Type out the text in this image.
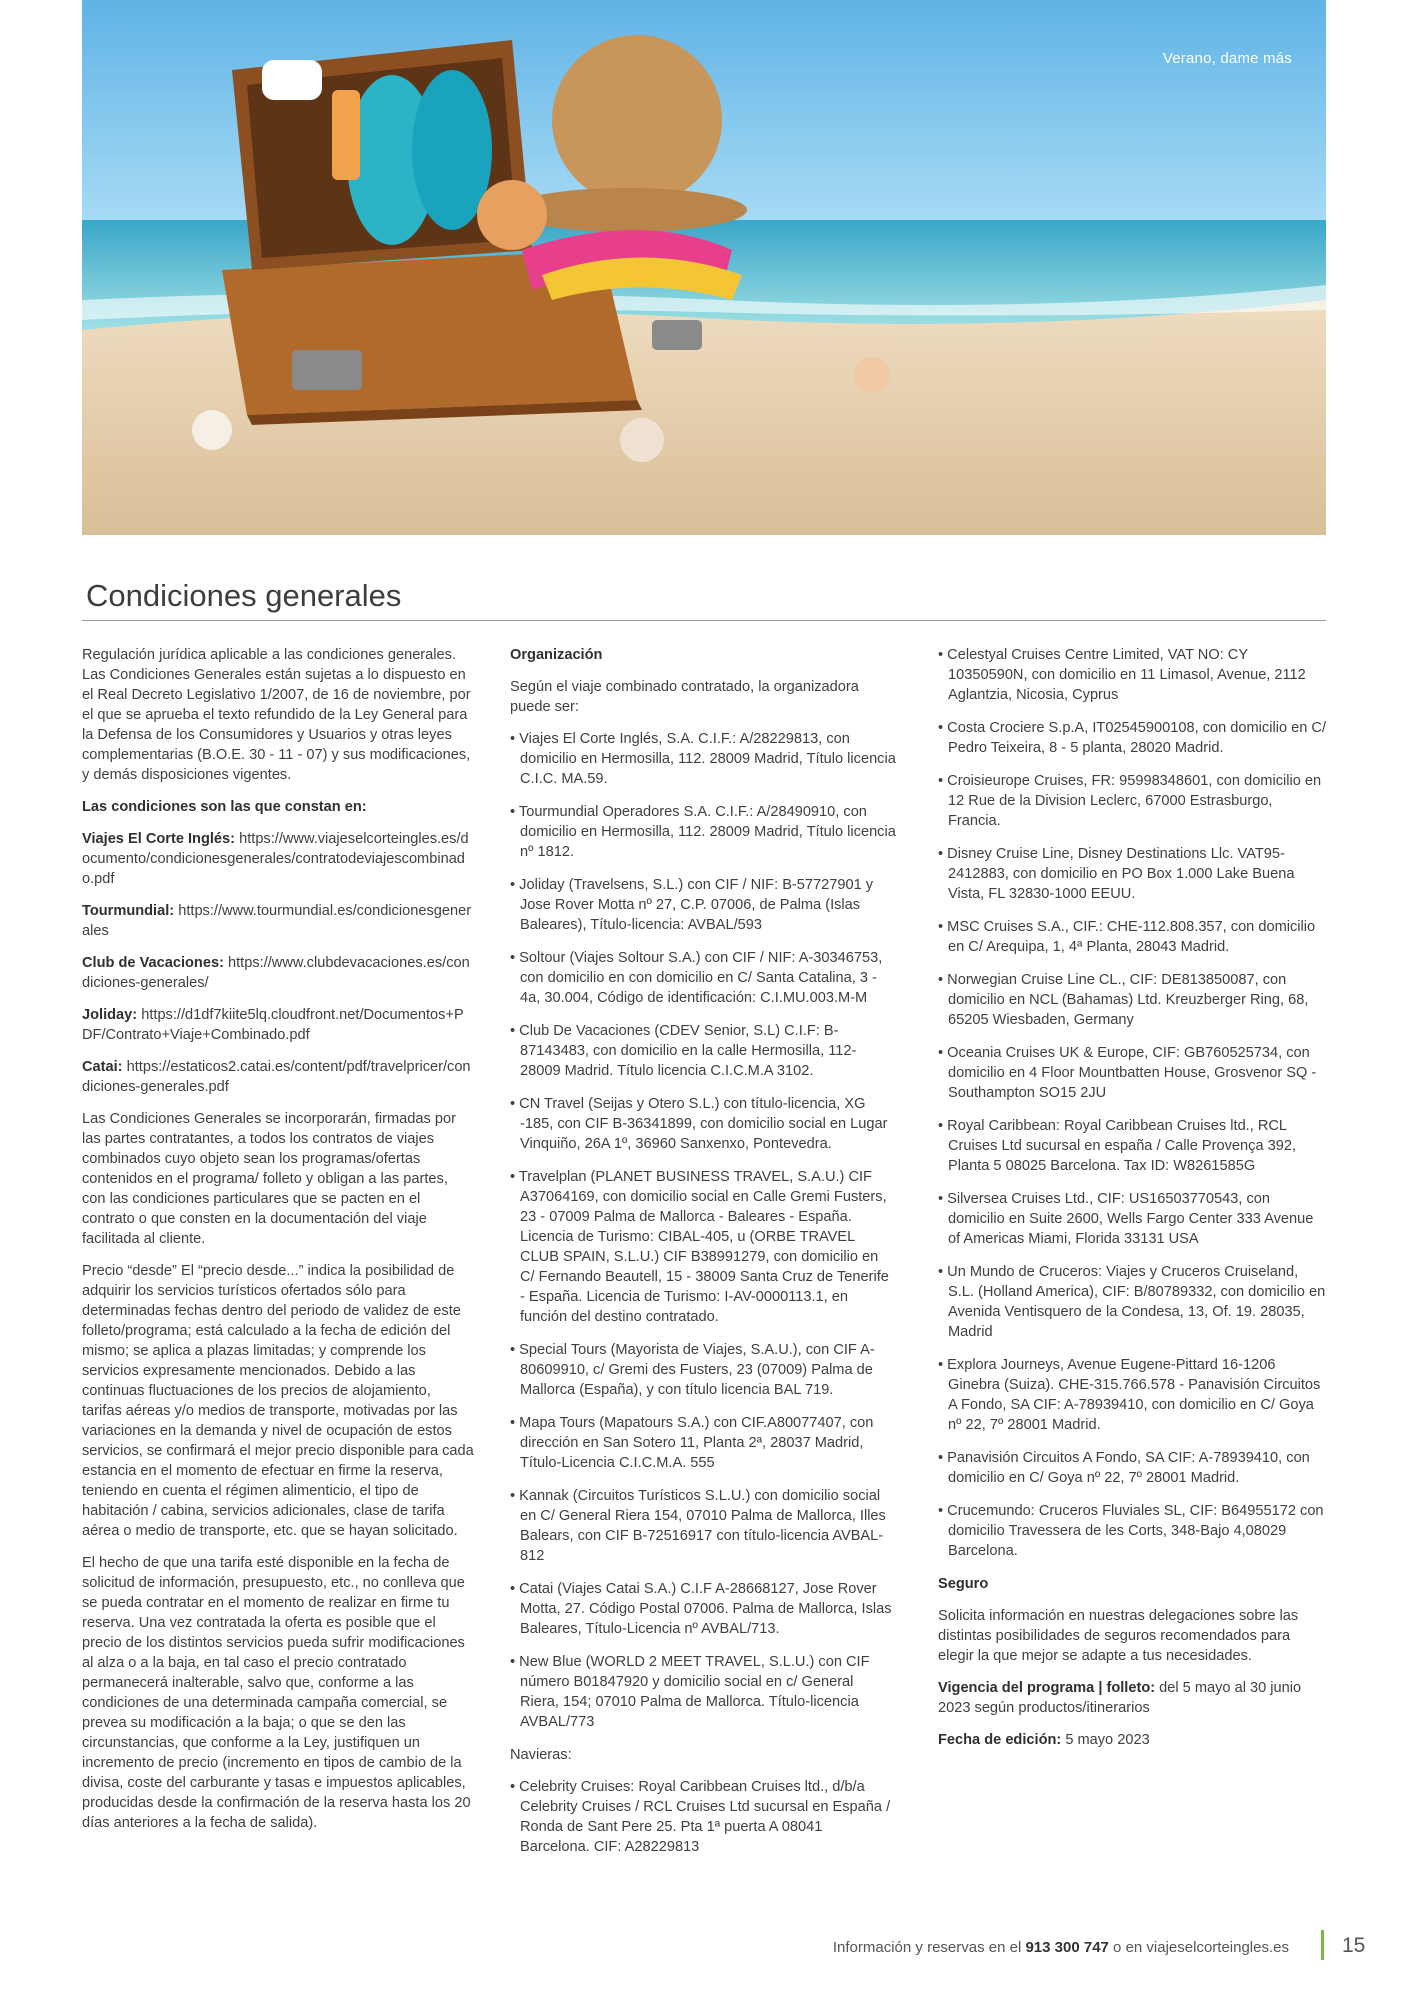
Verano, dame más
Condiciones generales

Regulación jurídica aplicable a las condiciones generales. Las Condiciones Generales están sujetas a lo dispuesto en el Real Decreto Legislativo 1/2007, de 16 de noviembre, por el que se aprueba el texto refundido de la Ley General para la Defensa de los Consumidores y Usuarios y otras leyes complementarias (B.O.E. 30 - 11 - 07) y sus modificaciones, y demás disposiciones vigentes.

Las condiciones son las que constan en:

Viajes El Corte Inglés: https://www.viajeselcorteingles.es/documento/condicionesgenerales/contratodeviajescombinado.pdf

Tourmundial: https://www.tourmundial.es/condicionesgenerales

Club de Vacaciones: https://www.clubdevacaciones.es/condiciones-generales/

Joliday: https://d1df7kiite5lq.cloudfront.net/Documentos+PDF/Contrato+Viaje+Combinado.pdf

Catai: https://estaticos2.catai.es/content/pdf/travelpricer/condiciones-generales.pdf

Las Condiciones Generales se incorporarán, firmadas por las partes contratantes, a todos los contratos de viajes combinados cuyo objeto sean los programas/ofertas contenidos en el programa/ folleto y obligan a las partes, con las condiciones particulares que se pacten en el contrato o que consten en la documentación del viaje facilitada al cliente.

Precio “desde” El “precio desde...” indica la posibilidad de adquirir los servicios turísticos ofertados sólo para determinadas fechas dentro del periodo de validez de este folleto/programa; está calculado a la fecha de edición del mismo; se aplica a plazas limitadas; y comprende los servicios expresamente mencionados. Debido a las continuas fluctuaciones de los precios de alojamiento, tarifas aéreas y/o medios de transporte, motivadas por las variaciones en la demanda y nivel de ocupación de estos servicios, se confirmará el mejor precio disponible para cada estancia en el momento de efectuar en firme la reserva, teniendo en cuenta el régimen alimenticio, el tipo de habitación / cabina, servicios adicionales, clase de tarifa aérea o medio de transporte, etc. que se hayan solicitado.

El hecho de que una tarifa esté disponible en la fecha de solicitud de información, presupuesto, etc., no conlleva que se pueda contratar en el momento de realizar en firme tu reserva. Una vez contratada la oferta es posible que el precio de los distintos servicios pueda sufrir modificaciones al alza o a la baja, en tal caso el precio contratado permanecerá inalterable, salvo que, conforme a las condiciones de una determinada campaña comercial, se prevea su modificación a la baja; o que se den las circunstancias, que conforme a la Ley, justifiquen un incremento de precio (incremento en tipos de cambio de la divisa, coste del carburante y tasas e impuestos aplicables, producidas desde la confirmación de la reserva hasta los 20 días anteriores a la fecha de salida).

Organización

Según el viaje combinado contratado, la organizadora puede ser:

• Viajes El Corte Inglés, S.A. C.I.F.: A/28229813, con domicilio en Hermosilla, 112. 28009 Madrid, Título licencia C.I.C. MA.59.
• Tourmundial Operadores S.A. C.I.F.: A/28490910, con domicilio en Hermosilla, 112. 28009 Madrid, Título licencia nº 1812.
• Joliday (Travelsens, S.L.) con CIF / NIF: B-57727901 y Jose Rover Motta nº 27, C.P. 07006, de Palma (Islas Baleares), Título-licencia: AVBAL/593
• Soltour (Viajes Soltour S.A.) con CIF / NIF: A-30346753, con domicilio en con domicilio en C/ Santa Catalina, 3 - 4a, 30.004, Código de identificación: C.I.MU.003.M-M
• Club De Vacaciones (CDEV Senior, S.L) C.I.F: B-87143483, con domicilio en la calle Hermosilla, 112-28009 Madrid. Título licencia C.I.C.M.A 3102.
• CN Travel (Seijas y Otero S.L.) con título-licencia, XG -185, con CIF B-36341899, con domicilio social en Lugar Vinquiño, 26A 1º, 36960 Sanxenxo, Pontevedra.
• Travelplan (PLANET BUSINESS TRAVEL, S.A.U.) CIF A37064169, con domicilio social en Calle Gremi Fusters, 23 - 07009 Palma de Mallorca - Baleares - España. Licencia de Turismo: CIBAL-405, u (ORBE TRAVEL CLUB SPAIN, S.L.U.) CIF B38991279, con domicilio en C/ Fernando Beautell, 15 - 38009 Santa Cruz de Tenerife - España. Licencia de Turismo: I-AV-0000113.1, en función del destino contratado.
• Special Tours (Mayorista de Viajes, S.A.U.), con CIF A-80609910, c/ Gremi des Fusters, 23 (07009) Palma de Mallorca (España), y con título licencia BAL 719.
• Mapa Tours (Mapatours S.A.) con CIF.A80077407, con dirección en San Sotero 11, Planta 2ª, 28037 Madrid, Título-Licencia C.I.C.M.A. 555
• Kannak (Circuitos Turísticos S.L.U.) con domicilio social en C/ General Riera 154, 07010 Palma de Mallorca, Illes Balears, con CIF B-72516917 con título-licencia AVBAL-812
• Catai (Viajes Catai S.A.) C.I.F A-28668127, Jose Rover Motta, 27. Código Postal 07006. Palma de Mallorca, Islas Baleares, Título-Licencia nº AVBAL/713.
• New Blue (WORLD 2 MEET TRAVEL, S.L.U.) con CIF número B01847920 y domicilio social en c/ General Riera, 154; 07010 Palma de Mallorca. Título-licencia AVBAL/773

Navieras:

• Celebrity Cruises: Royal Caribbean Cruises ltd., d/b/a Celebrity Cruises / RCL Cruises Ltd sucursal en España / Ronda de Sant Pere 25. Pta 1ª puerta A 08041 Barcelona. CIF: A28229813
• Celestyal Cruises Centre Limited, VAT NO: CY 10350590N, con domicilio en 11 Limasol, Avenue, 2112 Aglantzia, Nicosia, Cyprus
• Costa Crociere S.p.A, IT02545900108, con domicilio en C/ Pedro Teixeira, 8 - 5 planta, 28020 Madrid.
• Croisieurope Cruises, FR: 95998348601, con domicilio en 12 Rue de la Division Leclerc, 67000 Estrasburgo, Francia.
• Disney Cruise Line, Disney Destinations Llc. VAT95-2412883, con domicilio en PO Box 1.000 Lake Buena Vista, FL 32830-1000 EEUU.
• MSC Cruises S.A., CIF.: CHE-112.808.357, con domicilio en C/ Arequipa, 1, 4ª Planta, 28043 Madrid.
• Norwegian Cruise Line CL., CIF: DE813850087, con domicilio en NCL (Bahamas) Ltd. Kreuzberger Ring, 68, 65205 Wiesbaden, Germany
• Oceania Cruises UK & Europe, CIF: GB760525734, con domicilio en 4 Floor Mountbatten House, Grosvenor SQ - Southampton SO15 2JU
• Royal Caribbean: Royal Caribbean Cruises ltd., RCL Cruises Ltd sucursal en españa / Calle Provença 392, Planta 5 08025 Barcelona. Tax ID: W8261585G
• Silversea Cruises Ltd., CIF: US16503770543, con domicilio en Suite 2600, Wells Fargo Center 333 Avenue of Americas Miami, Florida 33131 USA
• Un Mundo de Cruceros: Viajes y Cruceros Cruiseland, S.L. (Holland America), CIF: B/80789332, con domicilio en Avenida Ventisquero de la Condesa, 13, Of. 19. 28035, Madrid
• Explora Journeys, Avenue Eugene-Pittard 16-1206 Ginebra (Suiza). CHE-315.766.578 - Panavisión Circuitos A Fondo, SA CIF: A-78939410, con domicilio en C/ Goya nº 22, 7º 28001 Madrid.
• Panavisión Circuitos A Fondo, SA CIF: A-78939410, con domicilio en C/ Goya nº 22, 7º 28001 Madrid.
• Crucemundo: Cruceros Fluviales SL, CIF: B64955172 con domicilio Travessera de les Corts, 348-Bajo 4,08029 Barcelona.

Seguro

Solicita información en nuestras delegaciones sobre las distintas posibilidades de seguros recomendados para elegir la que mejor se adapte a tus necesidades.

Vigencia del programa | folleto: del 5 mayo al 30 junio 2023 según productos/itinerarios

Fecha de edición: 5 mayo 2023

Información y reservas en el 913 300 747 o en viajeselcorteingles.es	15
